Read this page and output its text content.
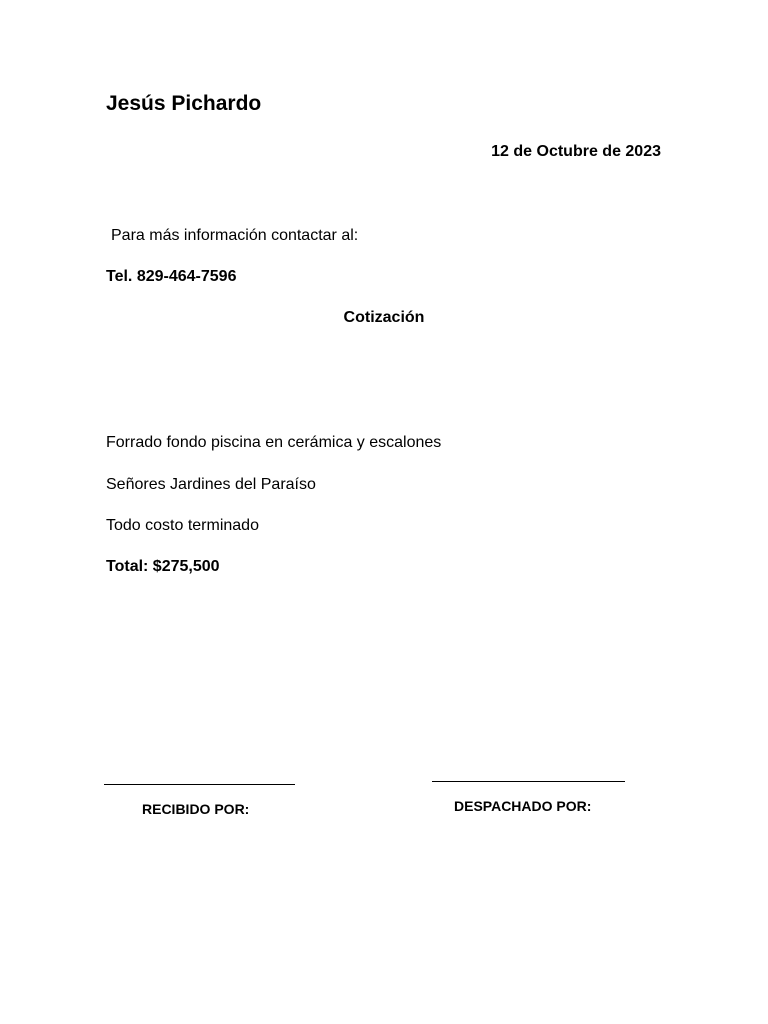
Jesús Pichardo
12 de Octubre de 2023
Para más información contactar al:
Tel. 829-464-7596
Cotización
Forrado fondo piscina en cerámica y escalones
Señores Jardines del Paraíso
Todo costo terminado
Total: $275,500
RECIBIDO POR:	DESPACHADO POR:
